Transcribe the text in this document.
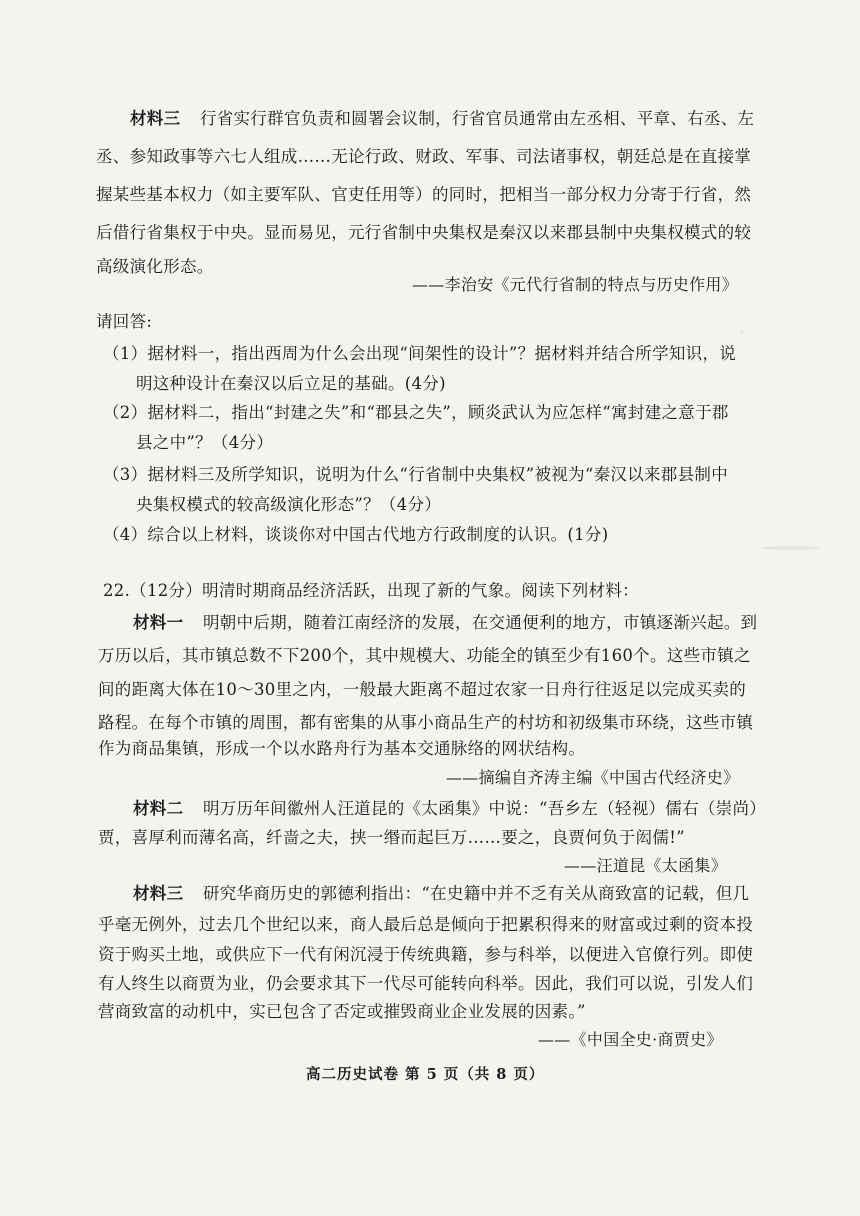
材料三 行省实行群官负责和圆署会议制，行省官员通常由左丞相、平章、右丞、左
丞、参知政事等六七人组成……无论行政、财政、军事、司法诸事权，朝廷总是在直接掌
握某些基本权力（如主要军队、官吏任用等）的同时，把相当一部分权力分寄于行省，然
后借行省集权于中央。显而易见，元行省制中央集权是秦汉以来郡县制中央集权模式的较
高级演化形态。
——李治安《元代行省制的特点与历史作用》
请回答:
（1）据材料一，指出西周为什么会出现“间架性的设计”？据材料并结合所学知识，说
明这种设计在秦汉以后立足的基础。(4分)
（2）据材料二，指出“封建之失”和“郡县之失”，顾炎武认为应怎样“寓封建之意于郡
县之中”？（4分）
（3）据材料三及所学知识，说明为什么“行省制中央集权”被视为“秦汉以来郡县制中
央集权模式的较高级演化形态”？（4分）
（4）综合以上材料，谈谈你对中国古代地方行政制度的认识。(1分)
22.（12分）明清时期商品经济活跃，出现了新的气象。阅读下列材料：
材料一 明朝中后期，随着江南经济的发展，在交通便利的地方，市镇逐渐兴起。到
万历以后，其市镇总数不下200个，其中规模大、功能全的镇至少有160个。这些市镇之
间的距离大体在10～30里之内，一般最大距离不超过农家一日舟行往返足以完成买卖的
路程。在每个市镇的周围，都有密集的从事小商品生产的村坊和初级集市环绕，这些市镇
作为商品集镇，形成一个以水路舟行为基本交通脉络的网状结构。
——摘编自齐涛主编《中国古代经济史》
材料二 明万历年间徽州人汪道昆的《太函集》中说：“吾乡左（轻视）儒右（崇尚）
贾，喜厚利而薄名高，纤啬之夫，挟一缗而起巨万……要之，良贾何负于闳儒!”
——汪道昆《太函集》
材料三 研究华商历史的郭德利指出：“在史籍中并不乏有关从商致富的记载，但几
乎毫无例外，过去几个世纪以来，商人最后总是倾向于把累积得来的财富或过剩的资本投
资于购买土地，或供应下一代有闲沉浸于传统典籍，参与科举，以便进入官僚行列。即使
有人终生以商贾为业，仍会要求其下一代尽可能转向科举。因此，我们可以说，引发人们
营商致富的动机中，实已包含了否定或摧毁商业企业发展的因素。”
——《中国全史·商贾史》
高二历史试卷 第 5 页（共 8 页）
